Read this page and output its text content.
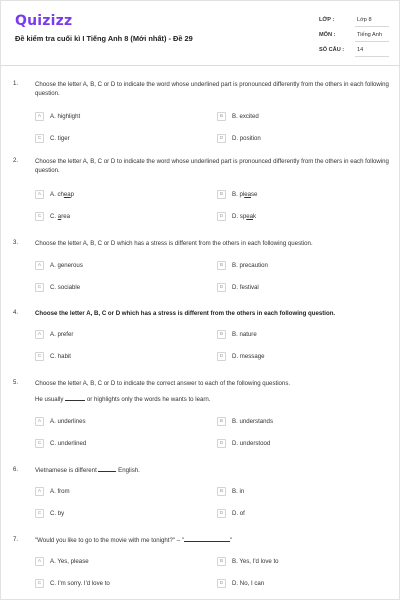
Quizizz
Đề kiểm tra cuối kì I Tiếng Anh 8 (Mới nhất) - Đề 29
LỚP :	Lớp 8
MÔN :	Tiếng Anh
SỐ CÂU :	14
1.	Choose the letter A, B, C or D to indicate the word whose underlined part is pronounced differently from the others in each following question.
A	A. highlight	B	B. excited
C	C. tiger	D	D. position
2.	Choose the letter A, B, C or D to indicate the word whose underlined part is pronounced differently from the others in each following question.
A	A. cheap	B	B. please
C	C. area	D	D. speak
3.	Choose the letter A, B, C or D which has a stress is different from the others in each following question.
A	A. generous	B	B. precaution
C	C. sociable	D	D. festival
4.	Choose the letter A, B, C or D which has a stress is different from the others in each following question.
A	A. prefer	B	B. nature
C	C. habit	D	D. message
5.	Choose the letter A, B, C or D to indicate the correct answer to each of the following questions.
He usually	or highlights only the words he wants to learn.
A	A. underlines	B	B. understands
C	C. underlined	D	D. understood
6.	Vietnamese is different	English.
A	A. from	B	B. in
C	C. by	D	D. of
7.	"Would you like to go to the movie with me tonight?" – "	"
A	A. Yes, please	B	B. Yes, I'd love to
C	C. I'm sorry. I'd love to	D	D. No, I can
